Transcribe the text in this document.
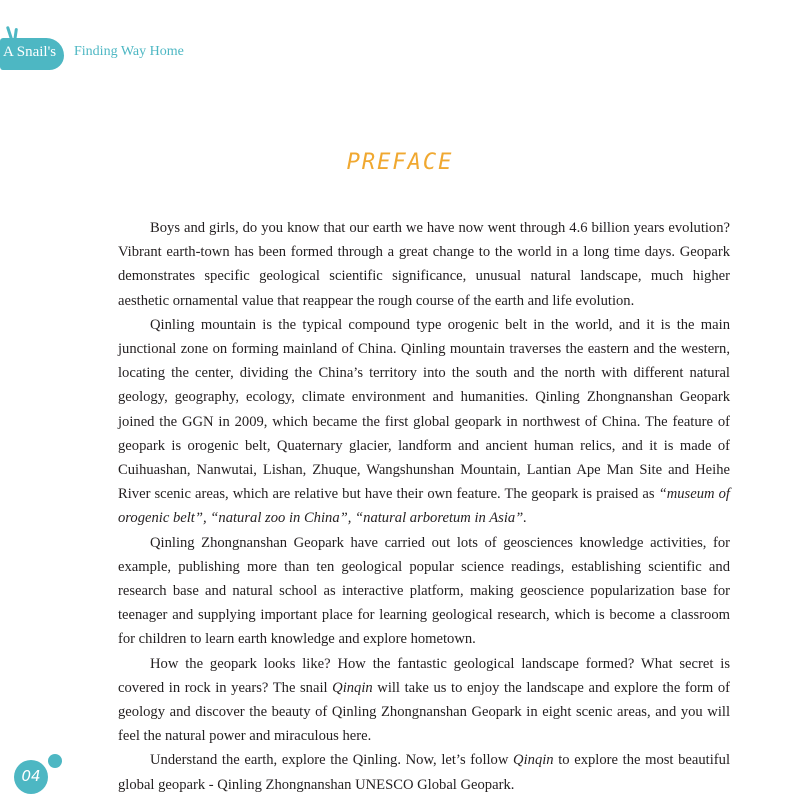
A Snail's Finding Way Home
PREFACE

Boys and girls, do you know that our earth we have now went through 4.6 billion years evolution? Vibrant earth-town has been formed through a great change to the world in a long time days. Geopark demonstrates specific geological scientific significance, unusual natural landscape, much higher aesthetic ornamental value that reappear the rough course of the earth and life evolution.

Qinling mountain is the typical compound type orogenic belt in the world, and it is the main junctional zone on forming mainland of China. Qinling mountain traverses the eastern and the western, locating the center, dividing the China’s territory into the south and the north with different natural geology, geography, ecology, climate environment and humanities. Qinling Zhongnanshan Geopark joined the GGN in 2009, which became the first global geopark in northwest of China. The feature of geopark is orogenic belt, Quaternary glacier, landform and ancient human relics, and it is made of Cuihuashan, Nanwutai, Lishan, Zhuque, Wangshunshan Mountain, Lantian Ape Man Site and Heihe River scenic areas, which are relative but have their own feature. The geopark is praised as “museum of orogenic belt”, “natural zoo in China”, “natural arboretum in Asia”.

Qinling Zhongnanshan Geopark have carried out lots of geosciences knowledge activities, for example, publishing more than ten geological popular science readings, establishing scientific and research base and natural school as interactive platform, making geoscience popularization base for teenager and supplying important place for learning geological research, which is become a classroom for children to learn earth knowledge and explore hometown.

How the geopark looks like? How the fantastic geological landscape formed? What secret is covered in rock in years? The snail Qinqin will take us to enjoy the landscape and explore the form of geology and discover the beauty of Qinling Zhongnanshan Geopark in eight scenic areas, and you will feel the natural power and miraculous here.

Understand the earth, explore the Qinling. Now, let’s follow Qinqin to explore the most beautiful global geopark - Qinling Zhongnanshan UNESCO Global Geopark.

04
